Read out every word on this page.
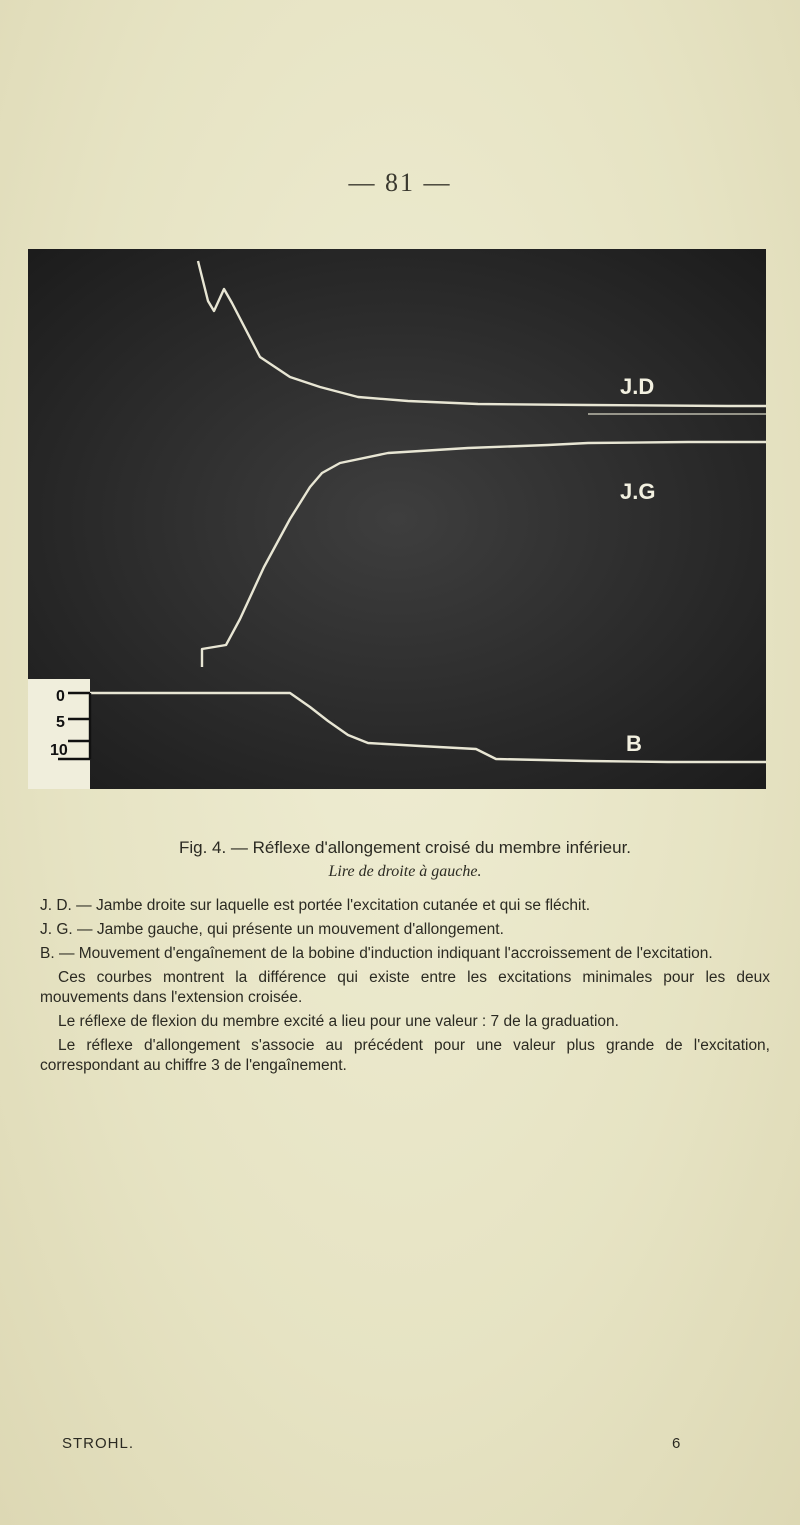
— 81 —
0
5
10
J.D
J.G
B

Fig. 4. — Réflexe d'allongement croisé du membre inférieur.

Lire de droite à gauche.

J. D. — Jambe droite sur laquelle est portée l'excitation cutanée et qui se fléchit.

J. G. — Jambe gauche, qui présente un mouvement d'allongement.

B. — Mouvement d'engaînement de la bobine d'induction indiquant l'accroissement de l'excitation.

Ces courbes montrent la différence qui existe entre les excitations minimales pour les deux mouvements dans l'extension croisée.

Le réflexe de flexion du membre excité a lieu pour une valeur : 7 de la graduation.

Le réflexe d'allongement s'associe au précédent pour une valeur plus grande de l'excitation, correspondant au chiffre 3 de l'engaînement.

STROHL.	6
